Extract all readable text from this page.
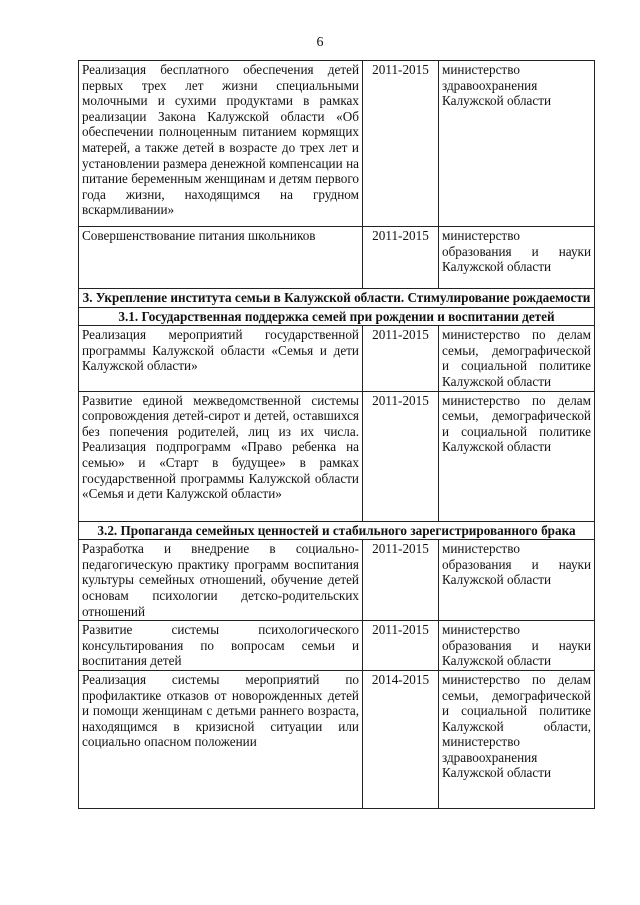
6
Реализация бесплатного обеспечения детей первых трех лет жизни специальными молочными и сухими продуктами в рамках реализации Закона Калужской области «Об обеспечении полноценным питанием кормящих матерей, а также детей в возрасте до трех лет и установлении размера денежной компенсации на питание беременным женщинам и детям первого года жизни, находящимся на грудном вскармливании»	2011-2015	министерство здравоохранения Калужской области
Совершенствование питания школьников	2011-2015	министерство образования и науки Калужской области
3. Укрепление института семьи в Калужской области. Стимулирование рождаемости		
3.1. Государственная поддержка семей при рождении и воспитании детей		
Реализация мероприятий государственной программы Калужской области «Семья и дети Калужской области»	2011-2015	министерство по делам семьи, демографической и социальной политике Калужской области
Развитие единой межведомственной системы сопровождения детей-сирот и детей, оставшихся без попечения родителей, лиц из их числа. Реализация подпрограмм «Право ребенка на семью» и «Старт в будущее» в рамках государственной программы Калужской области «Семья и дети Калужской области»	2011-2015	министерство по делам семьи, демографической и социальной политике Калужской области
3.2. Пропаганда семейных ценностей и стабильного зарегистрированного брака		
Разработка и внедрение в социально-педагогическую практику программ воспитания культуры семейных отношений, обучение детей основам психологии детско-родительских отношений	2011-2015	министерство образования и науки Калужской области
Развитие системы психологического консультирования по вопросам семьи и воспитания детей	2011-2015	министерство образования и науки Калужской области
Реализация системы мероприятий по профилактике отказов от новорожденных детей и помощи женщинам с детьми раннего возраста, находящимся в кризисной ситуации или социально опасном положении	2014-2015	министерство по делам семьи, демографической и социальной политике Калужской области, министерство здравоохранения Калужской области
